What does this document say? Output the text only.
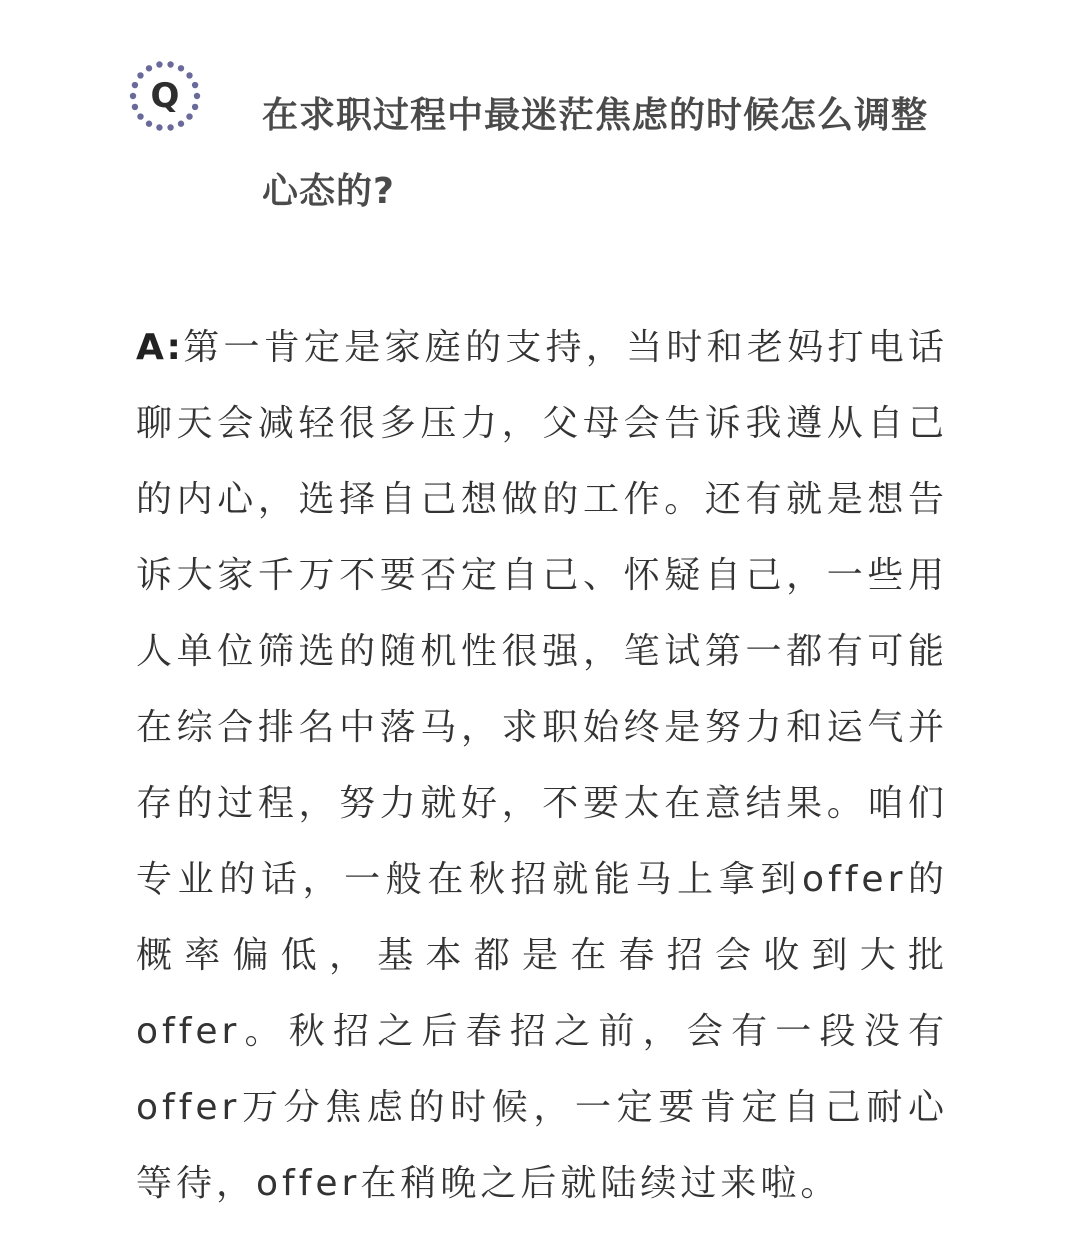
Q	在求职过程中最迷茫焦虑的时候怎么调整心态的?

A:第一肯定是家庭的支持，当时和老妈打电话聊天会减轻很多压力，父母会告诉我遵从自己的内心，选择自己想做的工作。还有就是想告诉大家千万不要否定自己、怀疑自己，一些用人单位筛选的随机性很强，笔试第一都有可能在综合排名中落马，求职始终是努力和运气并存的过程，努力就好，不要太在意结果。咱们专业的话，一般在秋招就能马上拿到offer的概率偏低，基本都是在春招会收到大批offer。秋招之后春招之前，会有一段没有offer万分焦虑的时候，一定要肯定自己耐心等待，offer在稍晚之后就陆续过来啦。
